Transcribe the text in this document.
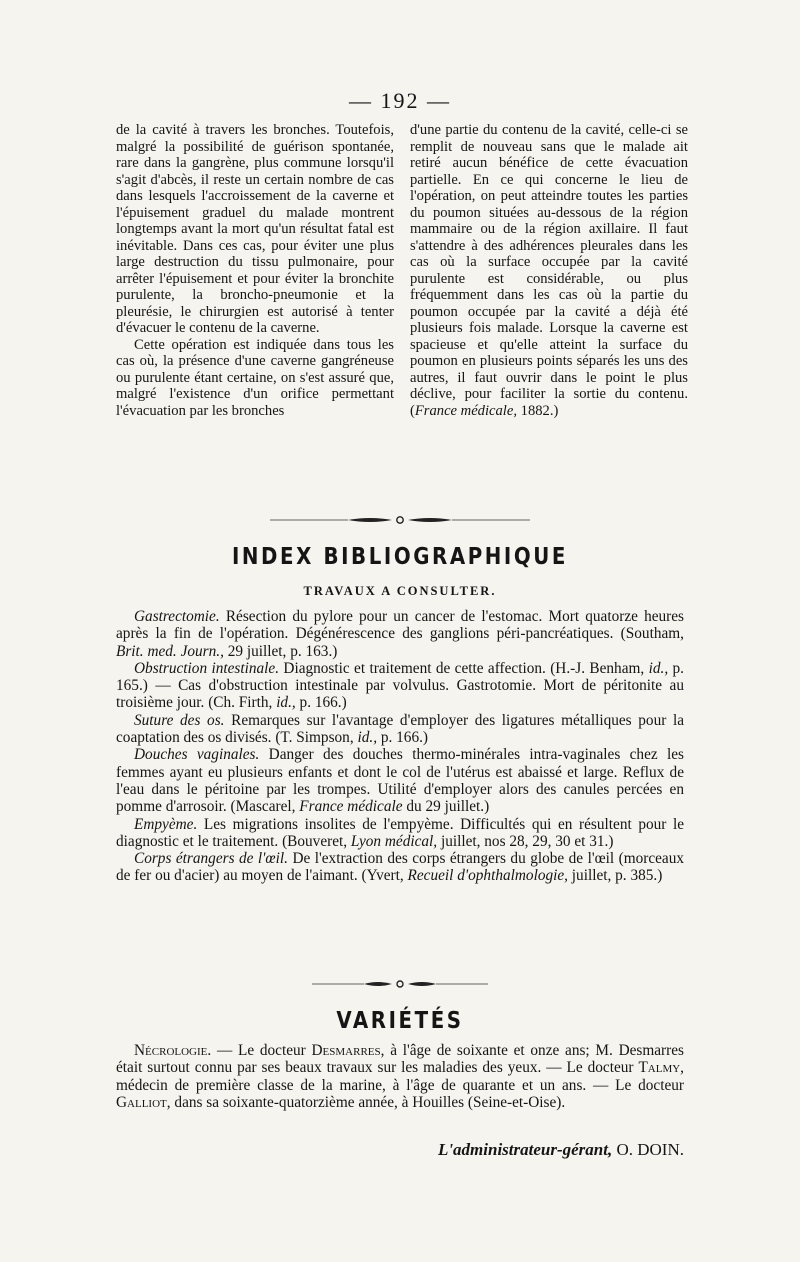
— 192 —

de la cavité à travers les bronches. Toutefois, malgré la possibilité de guérison spontanée, rare dans la gangrène, plus commune lorsqu'il s'agit d'abcès, il reste un certain nombre de cas dans lesquels l'accroissement de la caverne et l'épuisement graduel du malade montrent longtemps avant la mort qu'un résultat fatal est inévitable. Dans ces cas, pour éviter une plus large destruction du tissu pulmonaire, pour arrêter l'épuisement et pour éviter la bronchite purulente, la broncho-pneumonie et la pleurésie, le chirurgien est autorisé à tenter d'évacuer le contenu de la caverne.

Cette opération est indiquée dans tous les cas où, la présence d'une caverne gangréneuse ou purulente étant certaine, on s'est assuré que, malgré l'existence d'un orifice permettant l'évacuation par les bronches

d'une partie du contenu de la cavité, celle-ci se remplit de nouveau sans que le malade ait retiré aucun bénéfice de cette évacuation partielle. En ce qui concerne le lieu de l'opération, on peut atteindre toutes les parties du poumon situées au-dessous de la région mammaire ou de la région axillaire. Il faut s'attendre à des adhérences pleurales dans les cas où la surface occupée par la cavité purulente est considérable, ou plus fréquemment dans les cas où la partie du poumon occupée par la cavité a déjà été plusieurs fois malade. Lorsque la caverne est spacieuse et qu'elle atteint la surface du poumon en plusieurs points séparés les uns des autres, il faut ouvrir dans le point le plus déclive, pour faciliter la sortie du contenu. (France médicale, 1882.)

INDEX BIBLIOGRAPHIQUE
TRAVAUX A CONSULTER.

Gastrectomie. Résection du pylore pour un cancer de l'estomac. Mort quatorze heures après la fin de l'opération. Dégénérescence des ganglions péri-pancréatiques. (Southam, Brit. med. Journ., 29 juillet, p. 163.)

Obstruction intestinale. Diagnostic et traitement de cette affection. (H.-J. Benham, id., p. 165.) — Cas d'obstruction intestinale par volvulus. Gastrotomie. Mort de péritonite au troisième jour. (Ch. Firth, id., p. 166.)

Suture des os. Remarques sur l'avantage d'employer des ligatures métalliques pour la coaptation des os divisés. (T. Simpson, id., p. 166.)

Douches vaginales. Danger des douches thermo-minérales intra-vaginales chez les femmes ayant eu plusieurs enfants et dont le col de l'utérus est abaissé et large. Reflux de l'eau dans le péritoine par les trompes. Utilité d'employer alors des canules percées en pomme d'arrosoir. (Mascarel, France médicale du 29 juillet.)

Empyème. Les migrations insolites de l'empyème. Difficultés qui en résultent pour le diagnostic et le traitement. (Bouveret, Lyon médical, juillet, nos 28, 29, 30 et 31.)

Corps étrangers de l'œil. De l'extraction des corps étrangers du globe de l'œil (morceaux de fer ou d'acier) au moyen de l'aimant. (Yvert, Recueil d'ophthalmologie, juillet, p. 385.)

VARIÉTÉS

Nécrologie. — Le docteur Desmarres, à l'âge de soixante et onze ans; M. Desmarres était surtout connu par ses beaux travaux sur les maladies des yeux. — Le docteur Talmy, médecin de première classe de la marine, à l'âge de quarante et un ans. — Le docteur Galliot, dans sa soixante-quatorzième année, à Houilles (Seine-et-Oise).

L'administrateur-gérant, O. DOIN.
